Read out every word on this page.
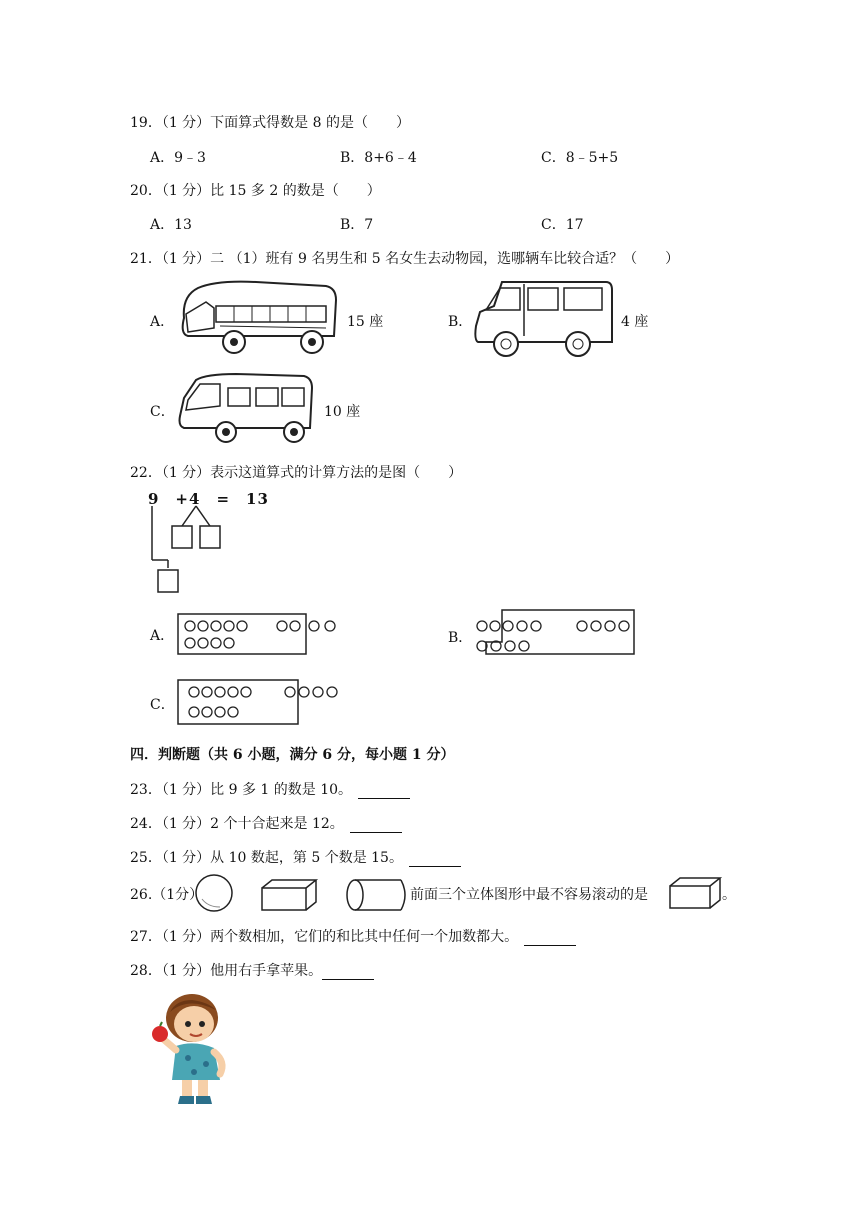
19．（1 分）下面算式得数是 8 的是（　　）
A．9﹣3	B．8+6﹣4	C．8﹣5+5
20．（1 分）比 15 多 2 的数是（　　）
A．13	B．7	C．17
21．（1 分）二 （1）班有 9 名男生和 5 名女生去动物园，选哪辆车比较合适？（　　）
A．	15 座	B．	4 座
C．	10 座
22．（1 分）表示这道算式的计算方法的是图（　　）
9　+4　=　13
A．	B．
C．
四．判断题（共 6 小题，满分 6 分，每小题 1 分）
23．（1 分）比 9 多 1 的数是 10。
24．（1 分）2 个十合起来是 12。
25．（1 分）从 10 数起，第 5 个数是 15。
26.（1分）	前面三个立体图形中最不容易滚动的是	。
27．（1 分）两个数相加，它们的和比其中任何一个加数都大。
28．（1 分）他用右手拿苹果。
